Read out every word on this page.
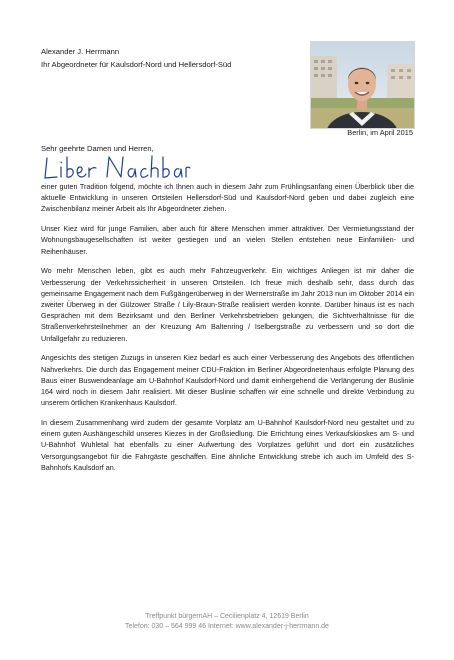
Alexander J. Herrmann
Ihr Abgeordneter für Kaulsdorf-Nord und Hellersdorf-Süd
Berlin, im April 2015
Sehr geehrte Damen und Herren,

einer guten Tradition folgend, möchte ich Ihnen auch in diesem Jahr zum Frühlingsanfang einen Überblick über die aktuelle Entwicklung in unseren Ortsteilen Hellersdorf-Süd und Kaulsdorf-Nord geben und dabei zugleich eine Zwischenbilanz meiner Arbeit als Ihr Abgeordneter ziehen.

Unser Kiez wird für junge Familien, aber auch für ältere Menschen immer attraktiver. Der Vermietungsstand der Wohnungsbaugesellschaften ist weiter gestiegen und an vielen Stellen entstehen neue Einfamilien- und Reihenhäuser.

Wo mehr Menschen leben, gibt es auch mehr Fahrzeugverkehr. Ein wichtiges Anliegen ist mir daher die Verbesserung der Verkehrssicherheit in unseren Ortsteilen. Ich freue mich deshalb sehr, dass durch das gemeinsame Engagement nach dem Fußgängerüberweg in der Wernerstraße im Jahr 2013 nun im Oktober 2014 ein zweiter Überweg in der Gülzower Straße / Lily-Braun-Straße realisiert werden konnte. Darüber hinaus ist es nach Gesprächen mit dem Bezirksamt und den Berliner Verkehrsbetrieben gelungen, die Sichtverhältnisse für die Straßenverkehrsteilnehmer an der Kreuzung Am Baltenring / Iselbergstraße zu verbessern und so dort die Unfallgefahr zu reduzieren.

Angesichts des stetigen Zuzugs in unseren Kiez bedarf es auch einer Verbesserung des Angebots des öffentlichen Nahverkehrs. Die durch das Engagement meiner CDU-Fraktion im Berliner Abgeordnetenhaus erfolgte Planung des Baus einer Buswendeanlage am U-Bahnhof Kaulsdorf-Nord und damit einhergehend die Verlängerung der Buslinie 164 wird noch in diesem Jahr realisiert. Mit dieser Buslinie schaffen wir eine schnelle und direkte Verbindung zu unserem örtlichen Krankenhaus Kaulsdorf.

In diesem Zusammenhang wird zudem der gesamte Vorplatz am U-Bahnhof Kaulsdorf-Nord neu gestaltet und zu einem guten Aushängeschild unseres Kiezes in der Großsiedlung. Die Errichtung eines Verkaufskioskes am S- und U-Bahnhof Wuhletal hat ebenfalls zu einer Aufwertung des Vorplatzes geführt und dort ein zusätzliches Versorgungsangebot für die Fahrgäste geschaffen. Eine ähnliche Entwicklung strebe ich auch im Umfeld des S-Bahnhofs Kaulsdorf an.

Treffpunkt bürgernAH – Cecilienplatz 4, 12619 Berlin
Telefon: 030 – 564 999 46 Internet: www.alexander-j-herrmann.de
